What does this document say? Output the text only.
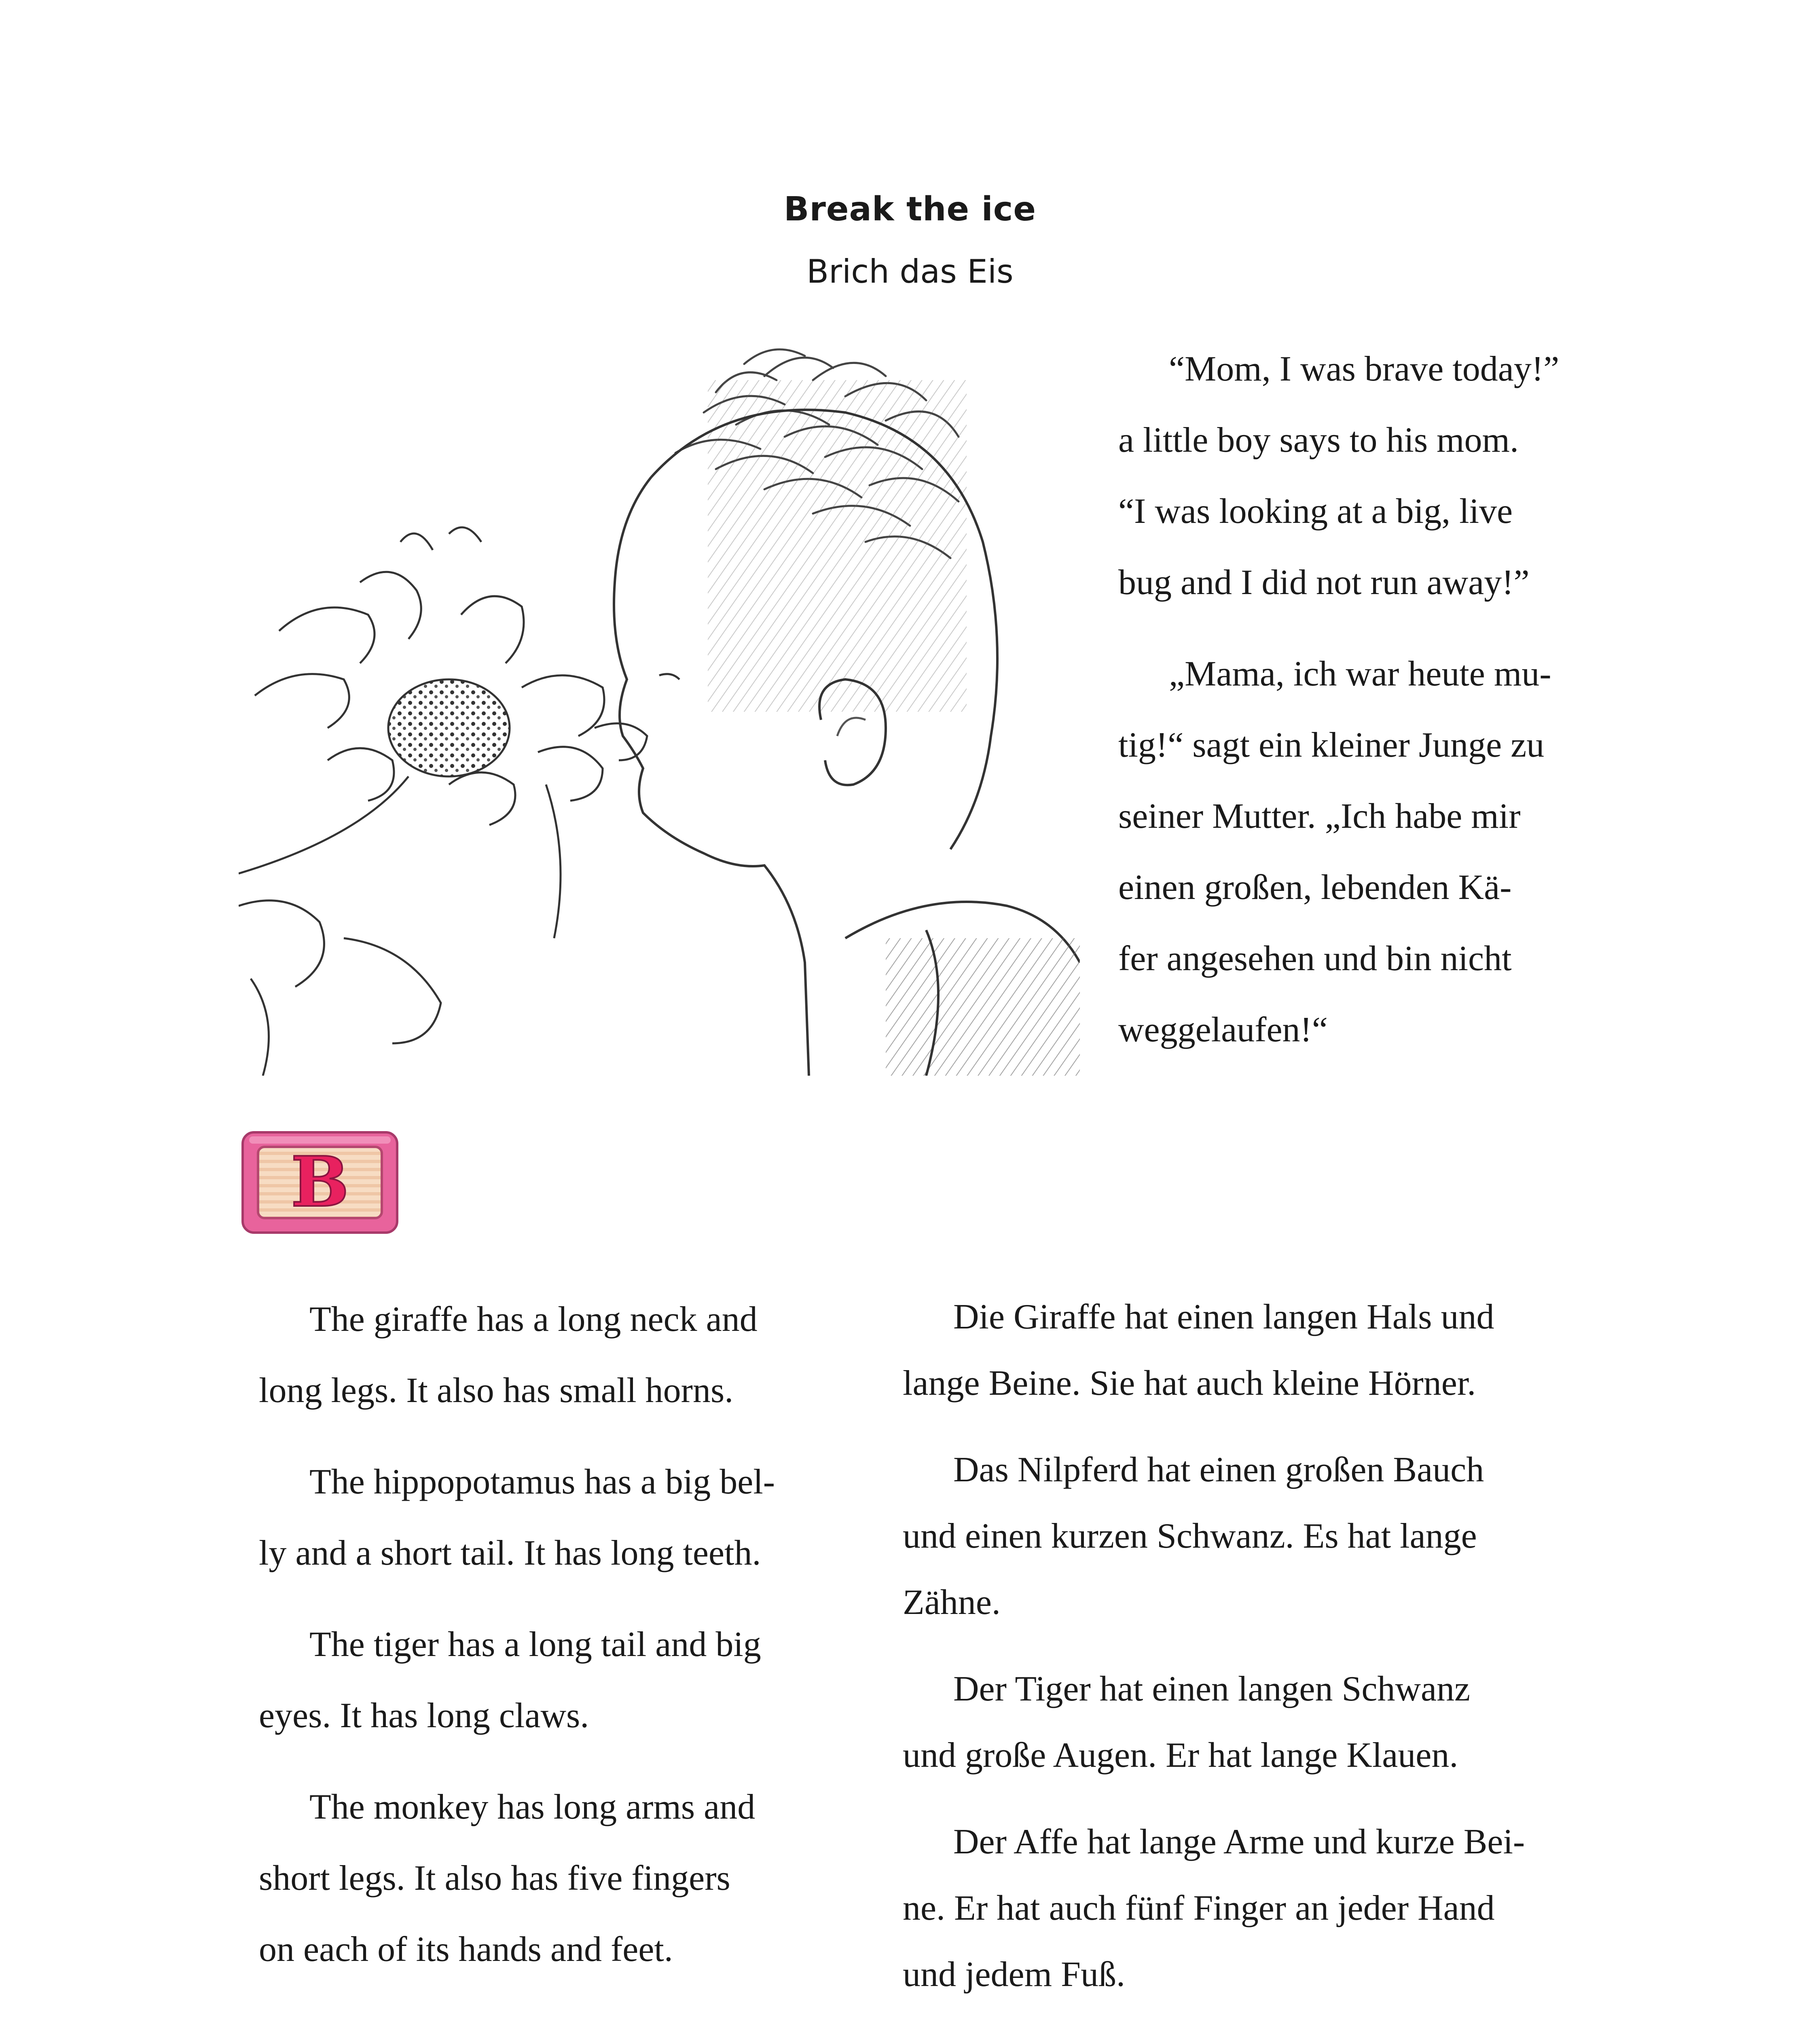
Break the ice
Brich das Eis

“Mom, I was brave today!”
a little boy says to his mom.
“I was looking at a big, live
bug and I did not run away!”

„Mama, ich war heute mu-
tig!“ sagt ein kleiner Junge zu
seiner Mutter. „Ich habe mir
einen großen, lebenden Kä-
fer angesehen und bin nicht
weggelaufen!“

B

The giraffe has a long neck and
long legs. It also has small horns.

The hippopotamus has a big bel-
ly and a short tail. It has long teeth.

The tiger has a long tail and big
eyes. It has long claws.

The monkey has long arms and
short legs. It also has five fingers
on each of its hands and feet.

Die Giraffe hat einen langen Hals und
lange Beine. Sie hat auch kleine Hörner.

Das Nilpferd hat einen großen Bauch
und einen kurzen Schwanz. Es hat lange
Zähne.

Der Tiger hat einen langen Schwanz
und große Augen. Er hat lange Klauen.

Der Affe hat lange Arme und kurze Bei-
ne. Er hat auch fünf Finger an jeder Hand
und jedem Fuß.
